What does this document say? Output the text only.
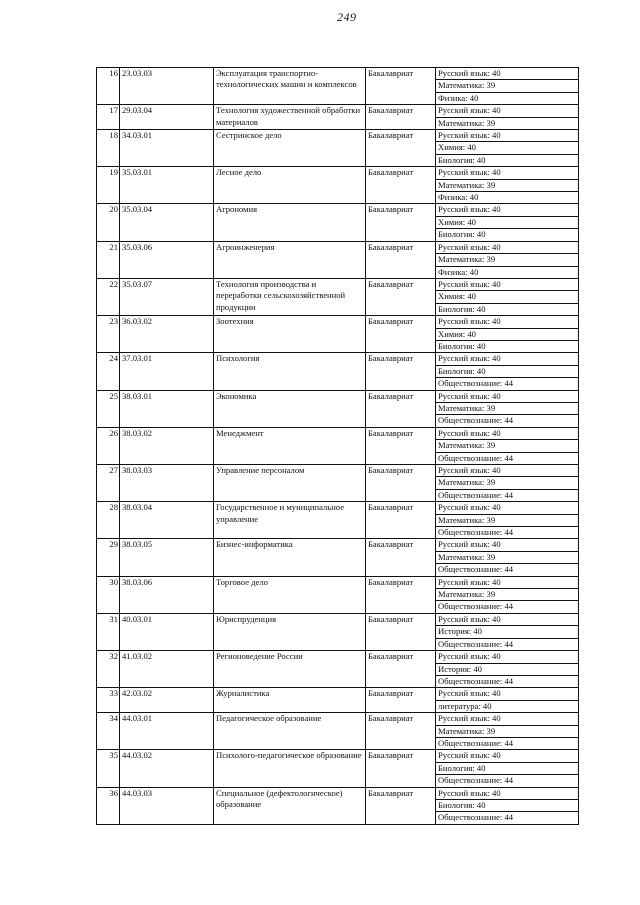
249
16	23.03.03	Эксплуатация транспортно-технологических машин и комплексов	Бакалавриат	Русский язык: 40
				Математика: 39
				Физика: 40
17	29.03.04	Технология художественной обработки материалов	Бакалавриат	Русский язык: 40
				Математика: 39
18	34.03.01	Сестринское дело	Бакалавриат	Русский язык: 40
				Химия: 40
				Биология: 40
19	35.03.01	Лесное дело	Бакалавриат	Русский язык: 40
				Математика: 39
				Физика: 40
20	35.03.04	Агрономия	Бакалавриат	Русский язык: 40
				Химия: 40
				Биология: 40
21	35.03.06	Агроинженерия	Бакалавриат	Русский язык: 40
				Математика: 39
				Физика: 40
22	35.03.07	Технология производства и переработки сельскохозяйственной продукции	Бакалавриат	Русский язык: 40
				Химия: 40
				Биология: 40
23	36.03.02	Зоотехния	Бакалавриат	Русский язык: 40
				Химия: 40
				Биология: 40
24	37.03.01	Психология	Бакалавриат	Русский язык: 40
				Биология: 40
				Обществознание: 44
25	38.03.01	Экономика	Бакалавриат	Русский язык: 40
				Математика: 39
				Обществознание: 44
26	38.03.02	Менеджмент	Бакалавриат	Русский язык: 40
				Математика: 39
				Обществознание: 44
27	38.03.03	Управление персоналом	Бакалавриат	Русский язык: 40
				Математика: 39
				Обществознание: 44
28	38.03.04	Государственное и муниципальное управление	Бакалавриат	Русский язык: 40
				Математика: 39
				Обществознание: 44
29	38.03.05	Бизнес-информатика	Бакалавриат	Русский язык: 40
				Математика: 39
				Обществознание: 44
30	38.03.06	Торговое дело	Бакалавриат	Русский язык: 40
				Математика: 39
				Обществознание: 44
31	40.03.01	Юриспруденция	Бакалавриат	Русский язык: 40
				История: 40
				Обществознание: 44
32	41.03.02	Регионоведение России	Бакалавриат	Русский язык: 40
				История: 40
				Обществознание: 44
33	42.03.02	Журналистика	Бакалавриат	Русский язык: 40
				литература: 40
34	44.03.01	Педагогическое образование	Бакалавриат	Русский язык: 40
				Математика: 39
				Обществознание: 44
35	44.03.02	Психолого-педагогическое образование	Бакалавриат	Русский язык: 40
				Биология: 40
				Обществознание: 44
36	44.03.03	Специальное (дефектологическое) образование	Бакалавриат	Русский язык: 40
				Биология: 40
				Обществознание: 44
